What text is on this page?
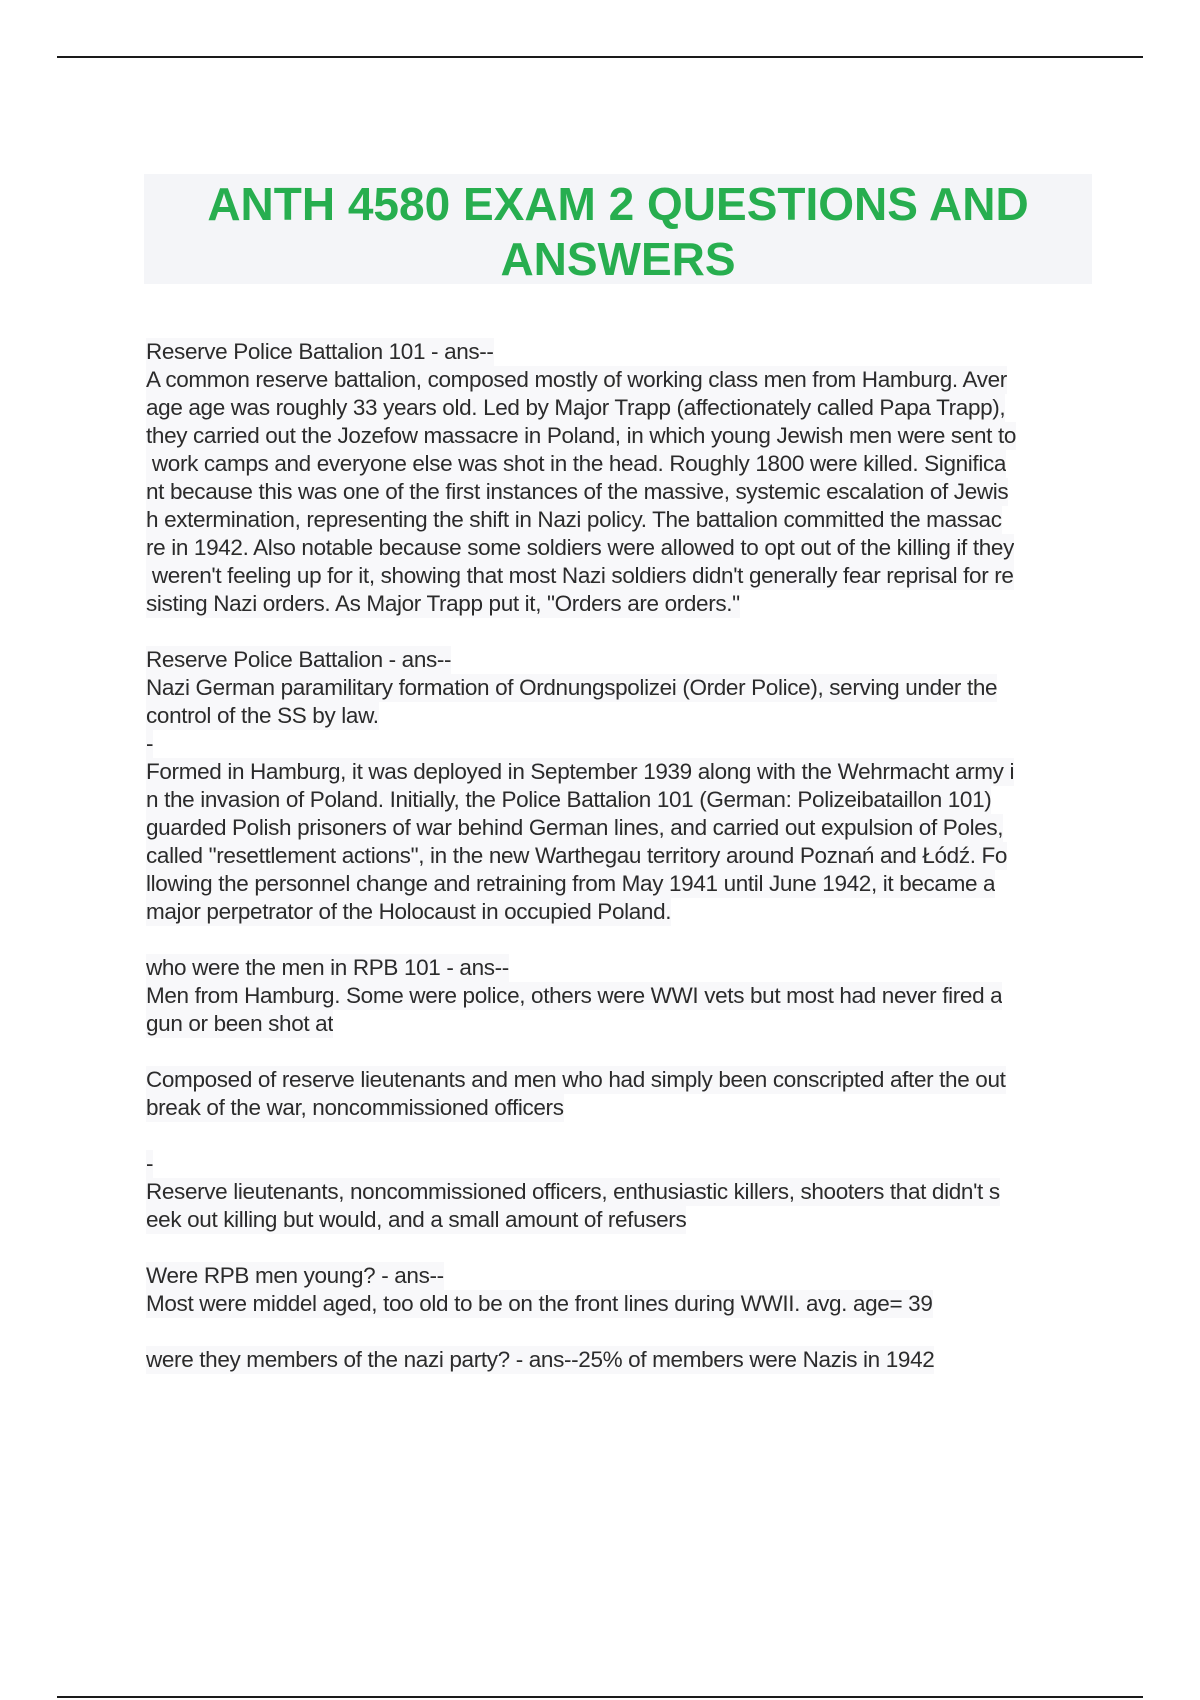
ANTH 4580 EXAM 2 QUESTIONS AND
ANSWERS
Reserve Police Battalion 101 - ans--
A common reserve battalion, composed mostly of working class men from Hamburg. Aver
age age was roughly 33 years old. Led by Major Trapp (affectionately called Papa Trapp),
they carried out the Jozefow massacre in Poland, in which young Jewish men were sent to
work camps and everyone else was shot in the head. Roughly 1800 were killed. Significa
nt because this was one of the first instances of the massive, systemic escalation of Jewis
h extermination, representing the shift in Nazi policy. The battalion committed the massac
re in 1942. Also notable because some soldiers were allowed to opt out of the killing if they
weren't feeling up for it, showing that most Nazi soldiers didn't generally fear reprisal for re
sisting Nazi orders. As Major Trapp put it, "Orders are orders."
Reserve Police Battalion - ans--
Nazi German paramilitary formation of Ordnungspolizei (Order Police), serving under the
control of the SS by law.
-
Formed in Hamburg, it was deployed in September 1939 along with the Wehrmacht army i
n the invasion of Poland. Initially, the Police Battalion 101 (German: Polizeibataillon 101)
guarded Polish prisoners of war behind German lines, and carried out expulsion of Poles,
called "resettlement actions", in the new Warthegau territory around Poznań and Łódź. Fo
llowing the personnel change and retraining from May 1941 until June 1942, it became a
major perpetrator of the Holocaust in occupied Poland.
who were the men in RPB 101 - ans--
Men from Hamburg. Some were police, others were WWI vets but most had never fired a
gun or been shot at
Composed of reserve lieutenants and men who had simply been conscripted after the out
break of the war, noncommissioned officers
-
Reserve lieutenants, noncommissioned officers, enthusiastic killers, shooters that didn't s
eek out killing but would, and a small amount of refusers
Were RPB men young? - ans--
Most were middel aged, too old to be on the front lines during WWII. avg. age= 39
were they members of the nazi party? - ans--25% of members were Nazis in 1942
